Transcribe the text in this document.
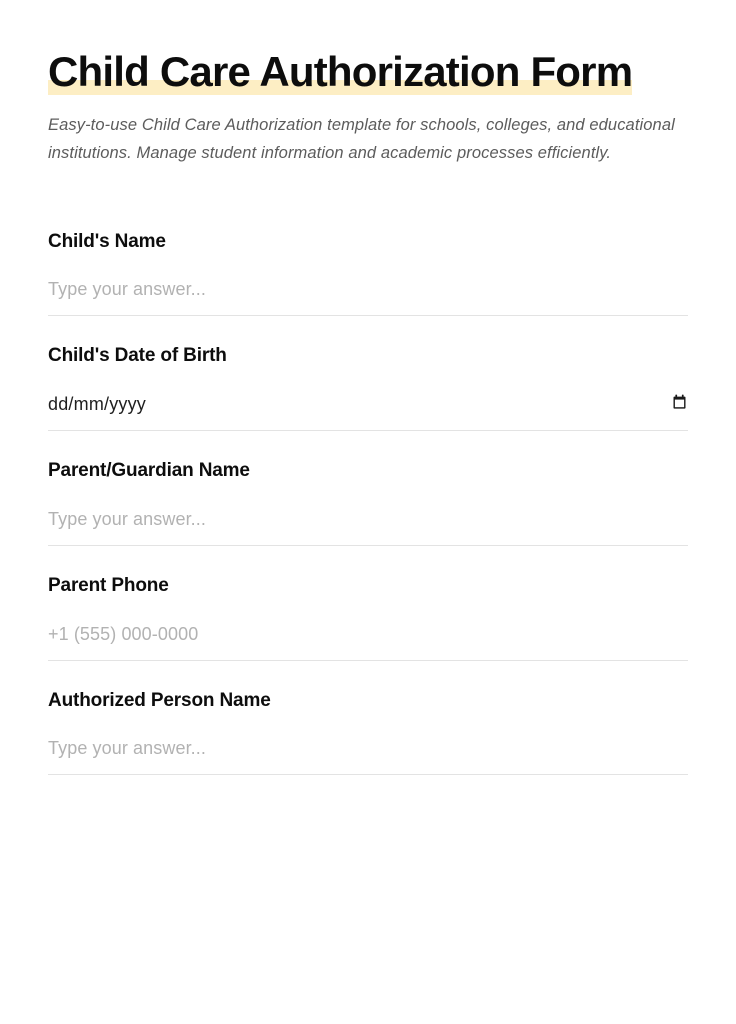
Child Care Authorization Form

Easy-to-use Child Care Authorization template for schools, colleges, and educational institutions. Manage student information and academic processes efficiently.

Child's Name
Type your answer...
Child's Date of Birth
dd/mm/yyyy
Parent/Guardian Name
Type your answer...
Parent Phone
+1 (555) 000-0000
Authorized Person Name
Type your answer...
